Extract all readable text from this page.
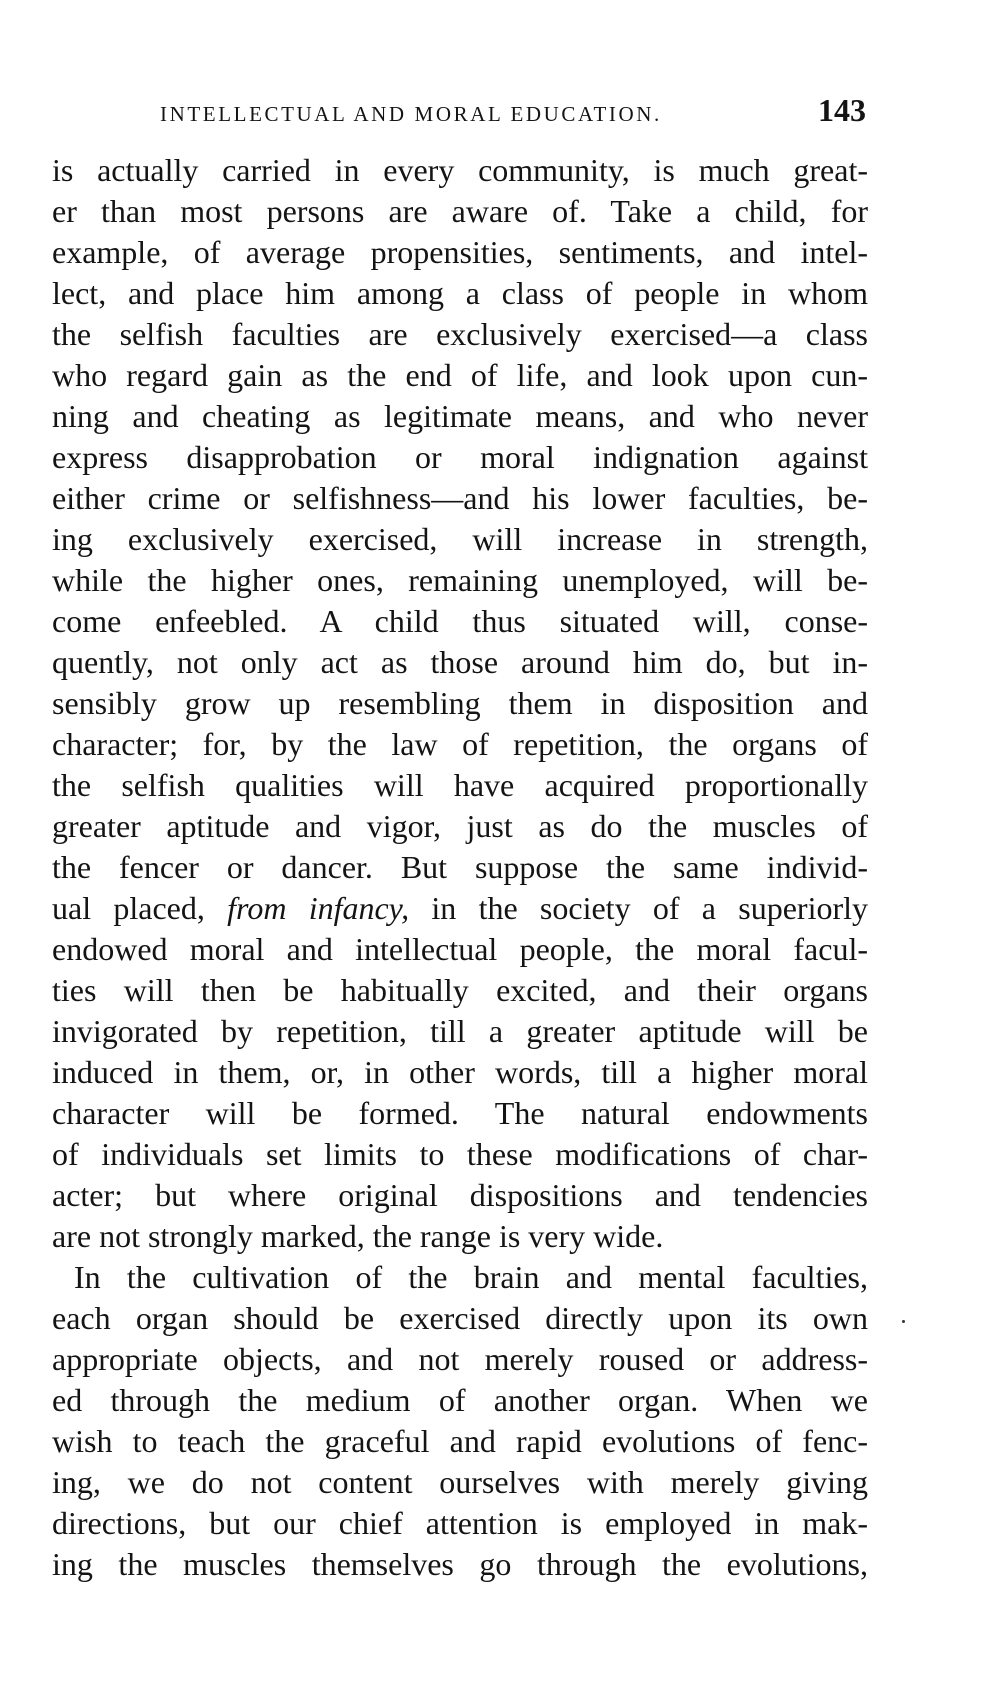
INTELLECTUAL AND MORAL EDUCATION.	143
is actually carried in every community, is much great-
er than most persons are aware of. Take a child, for
example, of average propensities, sentiments, and intel-
lect, and place him among a class of people in whom
the selfish faculties are exclusively exercised—a class
who regard gain as the end of life, and look upon cun-
ning and cheating as legitimate means, and who never
express disapprobation or moral indignation against
either crime or selfishness—and his lower faculties, be-
ing exclusively exercised, will increase in strength,
while the higher ones, remaining unemployed, will be-
come enfeebled. A child thus situated will, conse-
quently, not only act as those around him do, but in-
sensibly grow up resembling them in disposition and
character; for, by the law of repetition, the organs of
the selfish qualities will have acquired proportionally
greater aptitude and vigor, just as do the muscles of
the fencer or dancer. But suppose the same individ-
ual placed, from infancy, in the society of a superiorly
endowed moral and intellectual people, the moral facul-
ties will then be habitually excited, and their organs
invigorated by repetition, till a greater aptitude will be
induced in them, or, in other words, till a higher moral
character will be formed. The natural endowments
of individuals set limits to these modifications of char-
acter; but where original dispositions and tendencies
are not strongly marked, the range is very wide.
In the cultivation of the brain and mental faculties,
each organ should be exercised directly upon its own
appropriate objects, and not merely roused or address-
ed through the medium of another organ. When we
wish to teach the graceful and rapid evolutions of fenc-
ing, we do not content ourselves with merely giving
directions, but our chief attention is employed in mak-
ing the muscles themselves go through the evolutions,
